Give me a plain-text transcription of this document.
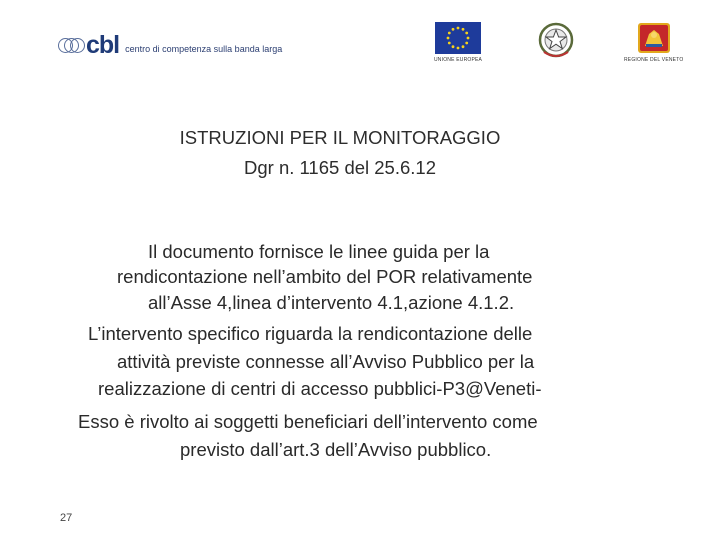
cbl centro di competenza sulla banda larga
UNIONE EUROPEA	REGIONE DEL VENETO
ISTRUZIONI PER IL MONITORAGGIO
Dgr n. 1165 del 25.6.12
Il documento fornisce le linee guida per la
rendicontazione nell’ambito del POR relativamente
all’Asse 4,linea d’intervento 4.1,azione 4.1.2.
L’intervento specifico riguarda la rendicontazione delle
attività previste connesse all’Avviso Pubblico per la
realizzazione di centri di accesso pubblici-P3@Veneti-
Esso è rivolto ai soggetti beneficiari dell’intervento come
previsto dall’art.3 dell’Avviso pubblico.
27
